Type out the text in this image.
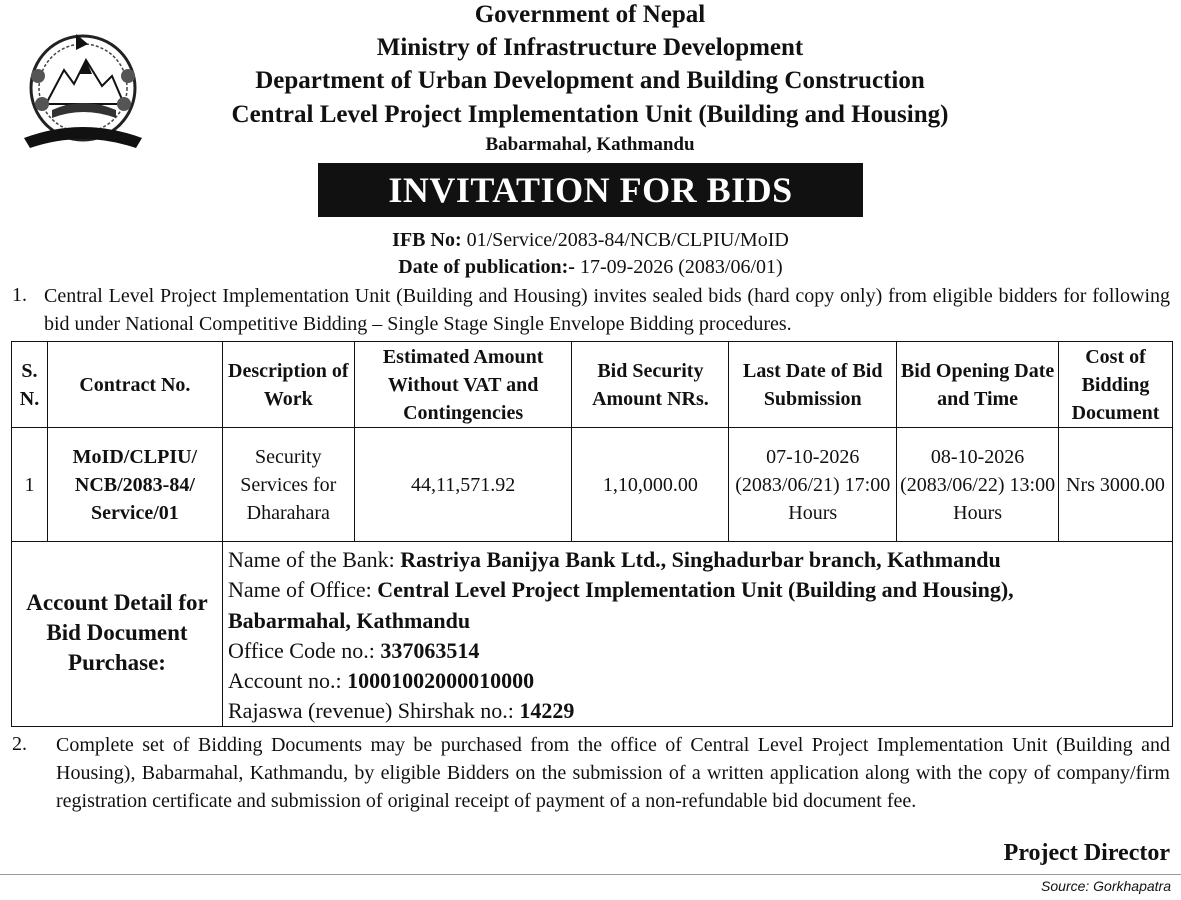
— — — —
Government of Nepal
Ministry of Infrastructure Development
Department of Urban Development and Building Construction
Central Level Project Implementation Unit (Building and Housing)
Babarmahal, Kathmandu
INVITATION FOR BIDS
IFB No: 01/Service/2083-84/NCB/CLPIU/MoID
Date of publication:- 17-09-2026 (2083/06/01)
1. Central Level Project Implementation Unit (Building and Housing) invites sealed bids (hard copy only) from eligible bidders for following bid under National Competitive Bidding – Single Stage Single Envelope Bidding procedures.
S. N.	Contract No.	Description of Work	Estimated Amount Without VAT and Contingencies	Bid Security Amount NRs.	Last Date of Bid Submission	Bid Opening Date and Time	Cost of Bidding Document
1	MoID/CLPIU/ NCB/2083-84/ Service/01	Security Services for Dharahara	44,11,571.92	1,10,000.00	07-10-2026 (2083/06/21) 17:00 Hours	08-10-2026 (2083/06/22) 13:00 Hours	Nrs 3000.00
Account Detail for Bid Document Purchase:
Name of the Bank: Rastriya Banijya Bank Ltd., Singhadurbar branch, Kathmandu
Name of Office: Central Level Project Implementation Unit (Building and Housing),
Babarmahal, Kathmandu
Office Code no.: 337063514
Account no.: 10001002000010000
Rajaswa (revenue) Shirshak no.: 14229
2. Complete set of Bidding Documents may be purchased from the office of Central Level Project Implementation Unit (Building and Housing), Babarmahal, Kathmandu, by eligible Bidders on the submission of a written application along with the copy of company/firm registration certificate and submission of original receipt of payment of a non-refundable bid document fee.
Project Director
Source: Gorkhapatra
